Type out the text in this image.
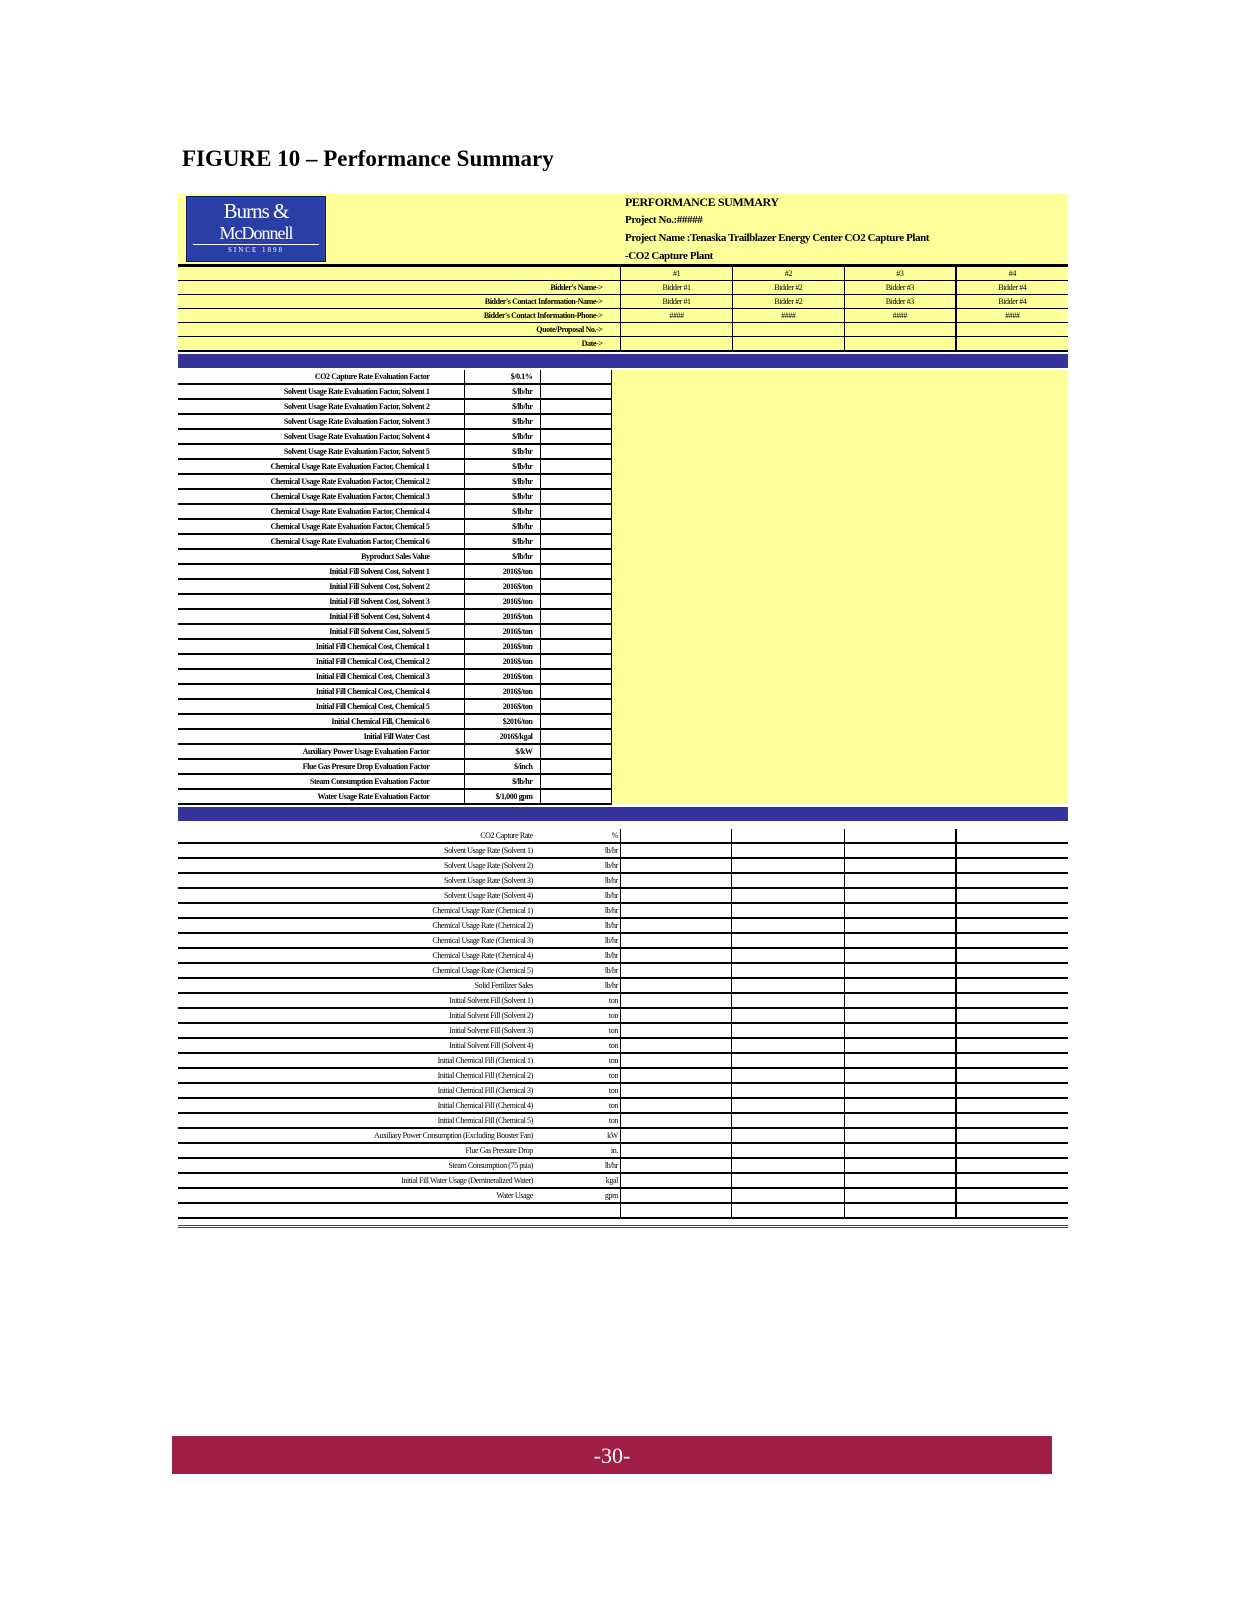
FIGURE 10 – Performance Summary
Burns &
McDonnell
SINCE 1898
PERFORMANCE SUMMARY
Project No.:#####
Project Name :Tenaska Trailblazer Energy Center CO2 Capture Plant
-CO2 Capture Plant
	#1	#2	#3	#4
Bidder's Name->	Bidder #1	Bidder #2	Bidder #3	Bidder #4
Bidder's Contact Information-Name->	Bidder #1	Bidder #2	Bidder #3	Bidder #4
Bidder's Contact Information-Phone->	####	####	####	####
Quote/Proposal No.->				
Date->				
CO2 Capture Rate Evaluation Factor	$/0.1%		
Solvent Usage Rate Evaluation Factor, Solvent 1	$/lb/hr		
Solvent Usage Rate Evaluation Factor, Solvent 2	$/lb/hr		
Solvent Usage Rate Evaluation Factor, Solvent 3	$/lb/hr		
Solvent Usage Rate Evaluation Factor, Solvent 4	$/lb/hr		
Solvent Usage Rate Evaluation Factor, Solvent 5	$/lb/hr		
Chemical Usage Rate Evaluation Factor, Chemical 1	$/lb/hr		
Chemical Usage Rate Evaluation Factor, Chemical 2	$/lb/hr		
Chemical Usage Rate Evaluation Factor, Chemical 3	$/lb/hr		
Chemical Usage Rate Evaluation Factor, Chemical 4	$/lb/hr		
Chemical Usage Rate Evaluation Factor, Chemical 5	$/lb/hr		
Chemical Usage Rate Evaluation Factor, Chemical 6	$/lb/hr		
Byproduct Sales Value	$/lb/hr		
Initial Fill Solvent Cost, Solvent 1	2016$/ton		
Initial Fill Solvent Cost, Solvent 2	2016$/ton		
Initial Fill Solvent Cost, Solvent 3	2016$/ton		
Initial Fill Solvent Cost, Solvent 4	2016$/ton		
Initial Fill Solvent Cost, Solvent 5	2016$/ton		
Initial Fill Chemical Cost, Chemical 1	2016$/ton		
Initial Fill Chemical Cost, Chemical 2	2016$/ton		
Initial Fill Chemical Cost, Chemical 3	2016$/ton		
Initial Fill Chemical Cost, Chemical 4	2016$/ton		
Initial Fill Chemical Cost, Chemical 5	2016$/ton		
Initial Chemical Fill, Chemical 6	$2016/ton		
Initial Fill Water Cost	2016$/kgal		
Auxiliary Power Usage Evaluation Factor	$/kW		
Flue Gas Presure Drop Evaluation Factor	$/inch		
Steam Consumption Evaluation Factor	$/lb/hr		
Water Usage Rate Evaluation Factor	$/1,000 gpm		
CO2 Capture Rate	%				
Solvent Usage Rate (Solvent 1)	lb/hr				
Solvent Usage Rate (Solvent 2)	lb/hr				
Solvent Usage Rate (Solvent 3)	lb/hr				
Solvent Usage Rate (Solvent 4)	lb/hr				
Chemical Usage Rate (Chemical 1)	lb/hr				
Chemical Usage Rate (Chemical 2)	lb/hr				
Chemical Usage Rate (Chemical 3)	lb/hr				
Chemical Usage Rate (Chemical 4)	lb/hr				
Chemical Usage Rate (Chemical 5)	lb/hr				
Solid Fertilizer Sales	lb/hr				
Initial Solvent Fill (Solvent 1)	ton				
Initial Solvent Fill (Solvent 2)	ton				
Initial Solvent Fill (Solvent 3)	ton				
Initial Solvent Fill (Solvent 4)	ton				
Initial Chemical Fill (Chemical 1)	ton				
Initial Chemical Fill (Chemical 2)	ton				
Initial Chemical Fill (Chemical 3)	ton				
Initial Chemical Fill (Chemical 4)	ton				
Initial Chemical Fill (Chemical 5)	ton				
Auxiliary Power Consumption (Excluding Booster Fan)	kW				
Flue Gas Pressure Drop	in.				
Steam Consumption (75 psia)	lb/hr				
Initial Fill Water Usage (Demineralized Water)	kgal				
Water Usage	gpm				

-30-
